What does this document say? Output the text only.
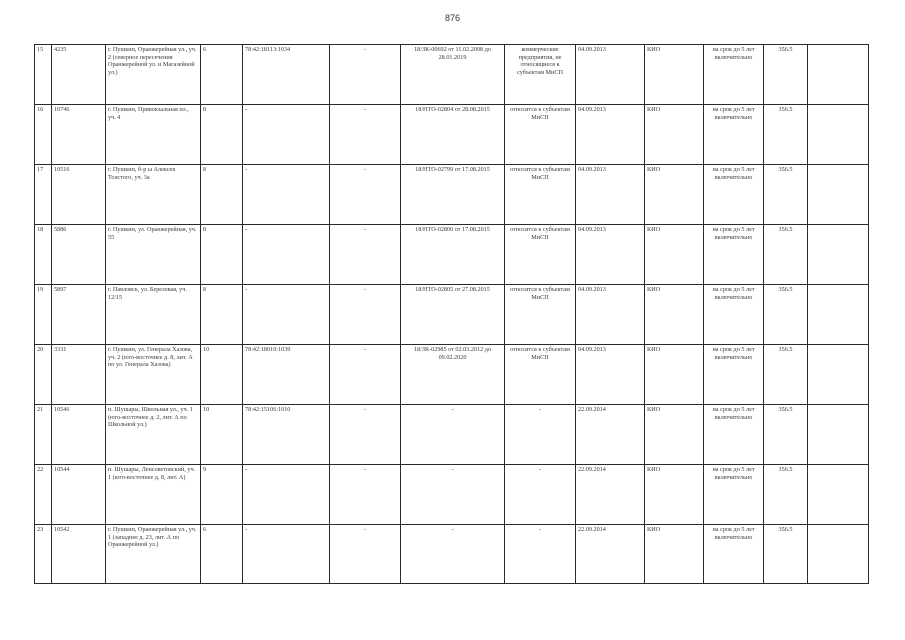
876
15	4235	г. Пушкин, Оранжерейная ул., уч. 2 (северное пересечения Оранжерейной ул. и Магазейной ул.)	6	78:42:18113:1034	-	18/ЗК-00692 от 11.02.2008 до 28.01.2019	коммерческие предприятия, не относящиеся к субъектам МиСП	04.09.2013	КИО	на срок до 5 лет включительно	356.5	
16	10746	г. Пушкин, Привокзальная пл., уч. 4	8	-	-	18/НТО-02804 от 28.08.2015	относится к субъектам МиСП	04.09.2013	КИО	на срок до 5 лет включительно	356.5	
17	10516	г. Пушкин, б-р ы Алексея Толстого, уч. 3а	8	-	-	18/НТО-02799 от 17.08.2015	относится к субъектам МиСП	04.09.2013	КИО	на срок до 5 лет включительно	356.5	
18	5886	г. Пушкин, ул. Оранжерейная, уч. 55	8	-	-	18/НТО-02800 от 17.08.2015	относится к субъектам МиСП	04.09.2013	КИО	на срок до 5 лет включительно	356.5	
19	5897	г. Павловск, ул. Березовая, уч. 12/15	8	-	-	18/НТО-02805 от 27.08.2015	относится к субъектам МиСП	04.09.2013	КИО	на срок до 5 лет включительно	356.5	
20	3331	г. Пушкин, ул. Генерала Хазова, уч. 2 (юго-восточнее д. 8, лит. А по ул. Генерала Хазова)	10	78:42:18010:1039	-	18/ЗК-02985 от 02.03.2012 до 09.02.2020	относится к субъектам МиСП	04.09.2013	КИО	на срок до 5 лет включительно	356.5	
21	10546	п. Шушары, Школьная ул., уч. 1 (юго-восточнее д. 2, лит. А по Школьной ул.)	10	78:42:15106:1010	-	-	-	22.09.2014	КИО	на срок до 5 лет включительно	356.5	
22	10544	п. Шушары, Ленсоветовский, уч. 1 (юго-восточнее д. 8, лит. А)	9	-	-	-	-	22.09.2014	КИО	на срок до 5 лет включительно	356.5	
23	10542	г. Пушкин, Оранжерейная ул., уч. 1 (западнее д. 23, лит. А по Оранжерейной ул.)	6	-	-	-	-	22.09.2014	КИО	на срок до 5 лет включительно	356.5	
